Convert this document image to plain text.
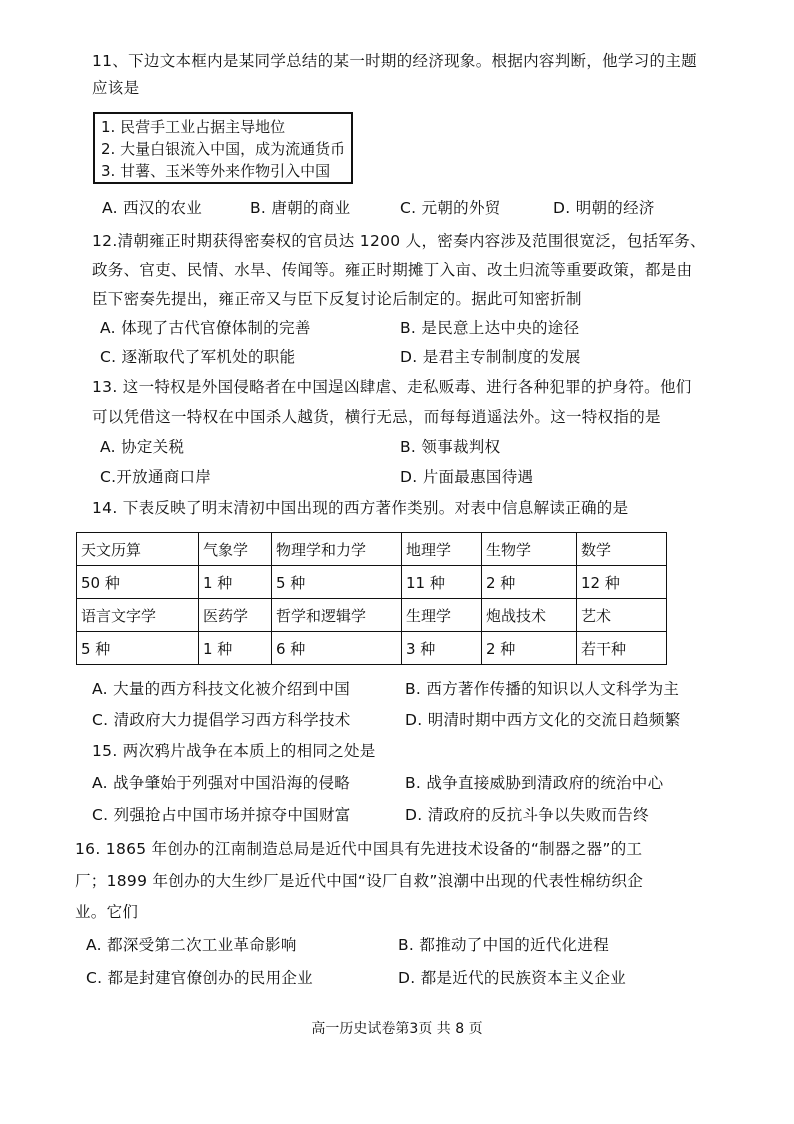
11、下边文本框内是某同学总结的某一时期的经济现象。根据内容判断，他学习的主题
应该是
1. 民营手工业占据主导地位
2. 大量白银流入中国，成为流通货币
3. 甘薯、玉米等外来作物引入中国
A. 西汉的农业	B. 唐朝的商业	C. 元朝的外贸	D. 明朝的经济
12.清朝雍正时期获得密奏权的官员达 1200 人，密奏内容涉及范围很宽泛，包括军务、
政务、官吏、民情、水旱、传闻等。雍正时期摊丁入亩、改土归流等重要政策，都是由
臣下密奏先提出，雍正帝又与臣下反复讨论后制定的。据此可知密折制
A. 体现了古代官僚体制的完善	B. 是民意上达中央的途径
C. 逐渐取代了军机处的职能	D. 是君主专制制度的发展
13. 这一特权是外国侵略者在中国逞凶肆虐、走私贩毒、进行各种犯罪的护身符。他们
可以凭借这一特权在中国杀人越货，横行无忌，而每每逍遥法外。这一特权指的是
A. 协定关税	B. 领事裁判权
C.开放通商口岸	D. 片面最惠国待遇
14. 下表反映了明末清初中国出现的西方著作类别。对表中信息解读正确的是
天文历算	气象学	物理学和力学	地理学	生物学	数学
50 种	1 种	5 种	11 种	2 种	12 种
语言文字学	医药学	哲学和逻辑学	生理学	炮战技术	艺术
5 种	1 种	6 种	3 种	2 种	若干种
A. 大量的西方科技文化被介绍到中国	B. 西方著作传播的知识以人文科学为主
C. 清政府大力提倡学习西方科学技术	D. 明清时期中西方文化的交流日趋频繁
15. 两次鸦片战争在本质上的相同之处是
A. 战争肇始于列强对中国沿海的侵略	B. 战争直接威胁到清政府的统治中心
C. 列强抢占中国市场并掠夺中国财富	D. 清政府的反抗斗争以失败而告终
16. 1865 年创办的江南制造总局是近代中国具有先进技术设备的“制器之器”的工
厂；1899 年创办的大生纱厂是近代中国“设厂自救”浪潮中出现的代表性棉纺织企
业。它们
A. 都深受第二次工业革命影响	B. 都推动了中国的近代化进程
C. 都是封建官僚创办的民用企业	D. 都是近代的民族资本主义企业
高一历史试卷第3页 共 8 页
